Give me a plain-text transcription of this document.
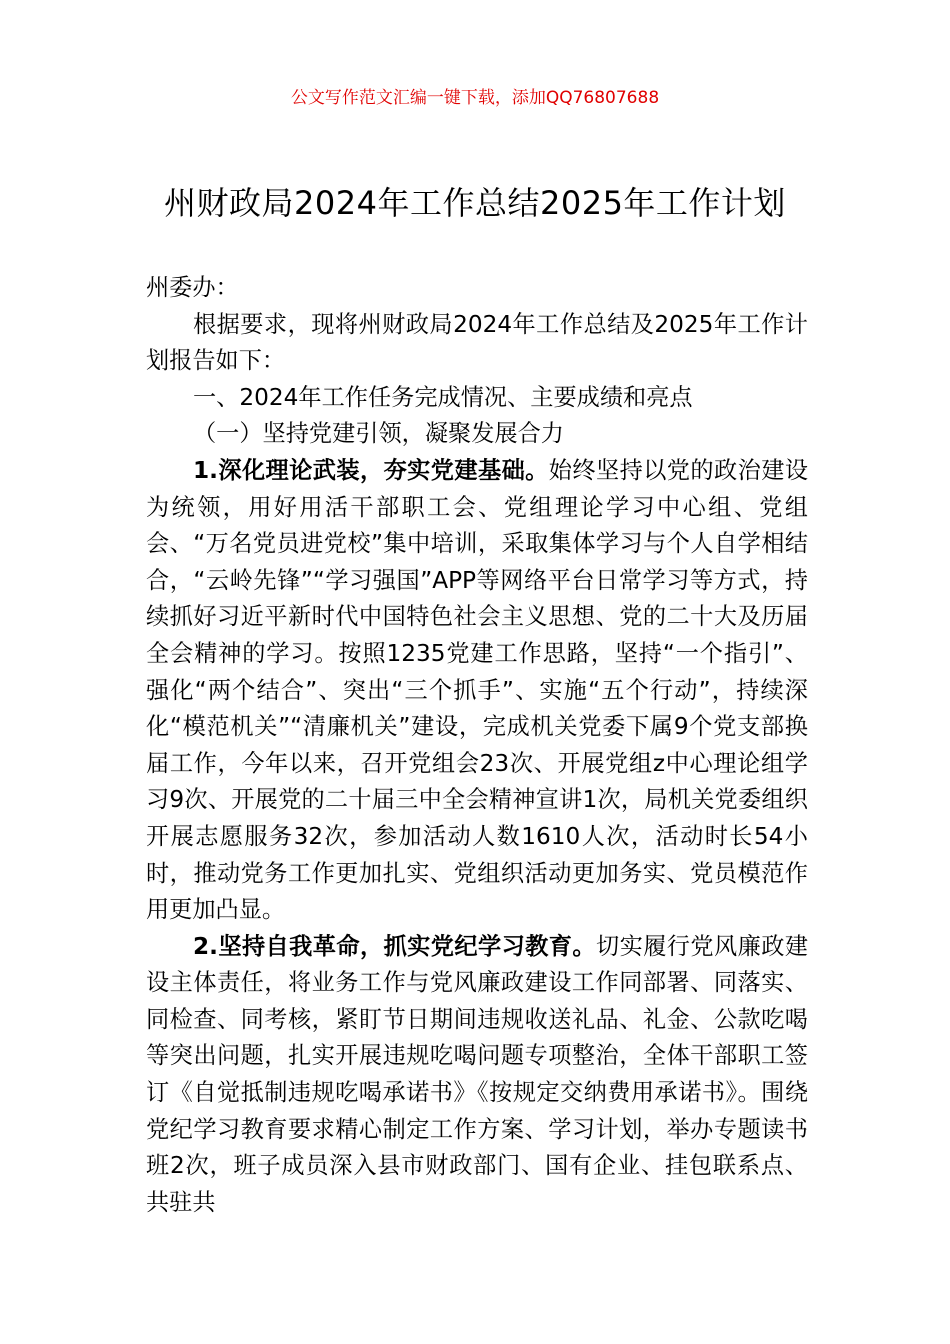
公文写作范文汇编一键下载，添加QQ76807688
州财政局2024年工作总结2025年工作计划

州委办：

根据要求，现将州财政局2024年工作总结及2025年工作计划报告如下：

一、2024年工作任务完成情况、主要成绩和亮点

（一）坚持党建引领，凝聚发展合力

1.深化理论武装，夯实党建基础。始终坚持以党的政治建设为统领，用好用活干部职工会、党组理论学习中心组、党组会、“万名党员进党校”集中培训，采取集体学习与个人自学相结合，“云岭先锋”“学习强国”APP等网络平台日常学习等方式，持续抓好习近平新时代中国特色社会主义思想、党的二十大及历届全会精神的学习。按照1235党建工作思路，坚持“一个指引”、强化“两个结合”、突出“三个抓手”、实施“五个行动”，持续深化“模范机关”“清廉机关”建设，完成机关党委下属9个党支部换届工作，今年以来，召开党组会23次、开展党组z中心理论组学习9次、开展党的二十届三中全会精神宣讲1次，局机关党委组织开展志愿服务32次，参加活动人数1610人次，活动时长54小时，推动党务工作更加扎实、党组织活动更加务实、党员模范作用更加凸显。

2.坚持自我革命，抓实党纪学习教育。切实履行党风廉政建设主体责任，将业务工作与党风廉政建设工作同部署、同落实、同检查、同考核，紧盯节日期间违规收送礼品、礼金、公款吃喝等突出问题，扎实开展违规吃喝问题专项整治，全体干部职工签订《自觉抵制违规吃喝承诺书》《按规定交纳费用承诺书》。围绕党纪学习教育要求精心制定工作方案、学习计划，举办专题读书班2次，班子成员深入县市财政部门、国有企业、挂包联系点、共驻共
